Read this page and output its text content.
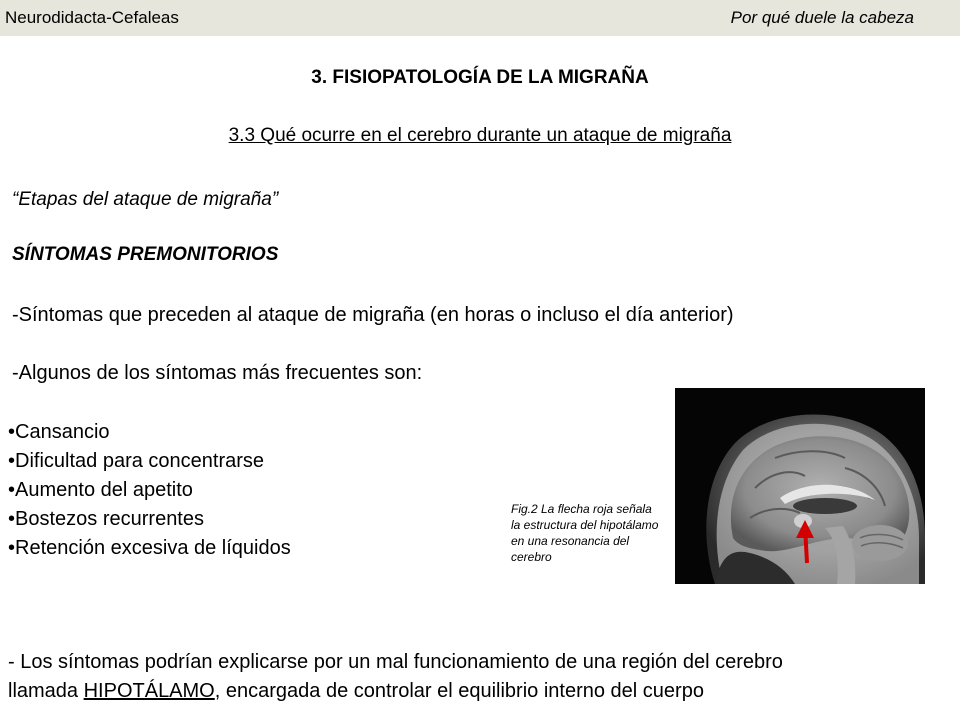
Neurodidacta-Cefaleas	Por qué duele la cabeza
3. FISIOPATOLOGÍA DE LA MIGRAÑA
3.3 Qué ocurre en el cerebro durante un ataque de migraña
“Etapas del ataque de migraña”
SÍNTOMAS PREMONITORIOS
-Síntomas que preceden al ataque de migraña (en horas o incluso el día anterior)
-Algunos de los síntomas más frecuentes son:
•Cansancio
•Dificultad para concentrarse
•Aumento del apetito
•Bostezos recurrentes
•Retención excesiva de líquidos
Fig.2 La flecha roja señala la estructura del hipotálamo en una resonancia del cerebro
- Los síntomas podrían explicarse por un mal funcionamiento de una región del cerebro
llamada HIPOTÁLAMO, encargada de controlar el equilibrio interno del cuerpo
